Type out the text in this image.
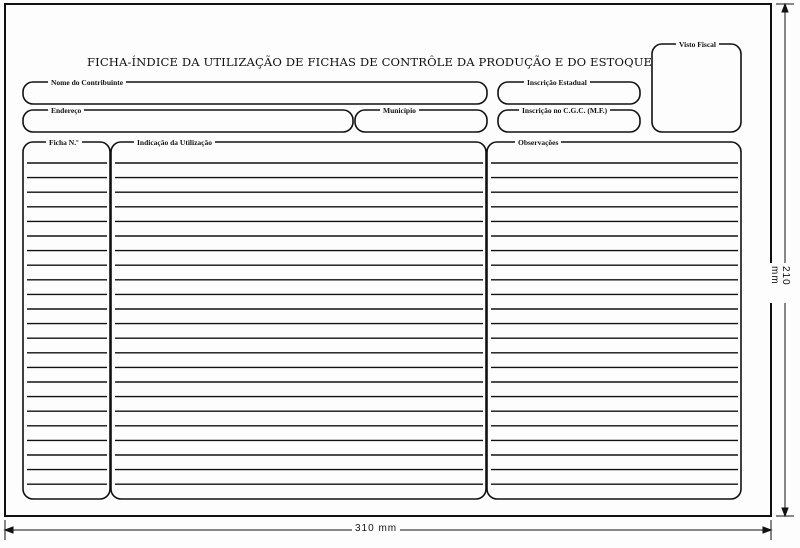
FICHA-ÍNDICE DA UTILIZAÇÃO DE FICHAS DE CONTRÔLE DA PRODUÇÃO E DO ESTOQUE
Nome do Contribuinte	Inscrição Estadual
Endereço	Município	Inscrição no C.G.C. (M.F.)
Visto Fiscal
Ficha N.º	Indicação da Utilização	Observações
310 mm
210 mm
